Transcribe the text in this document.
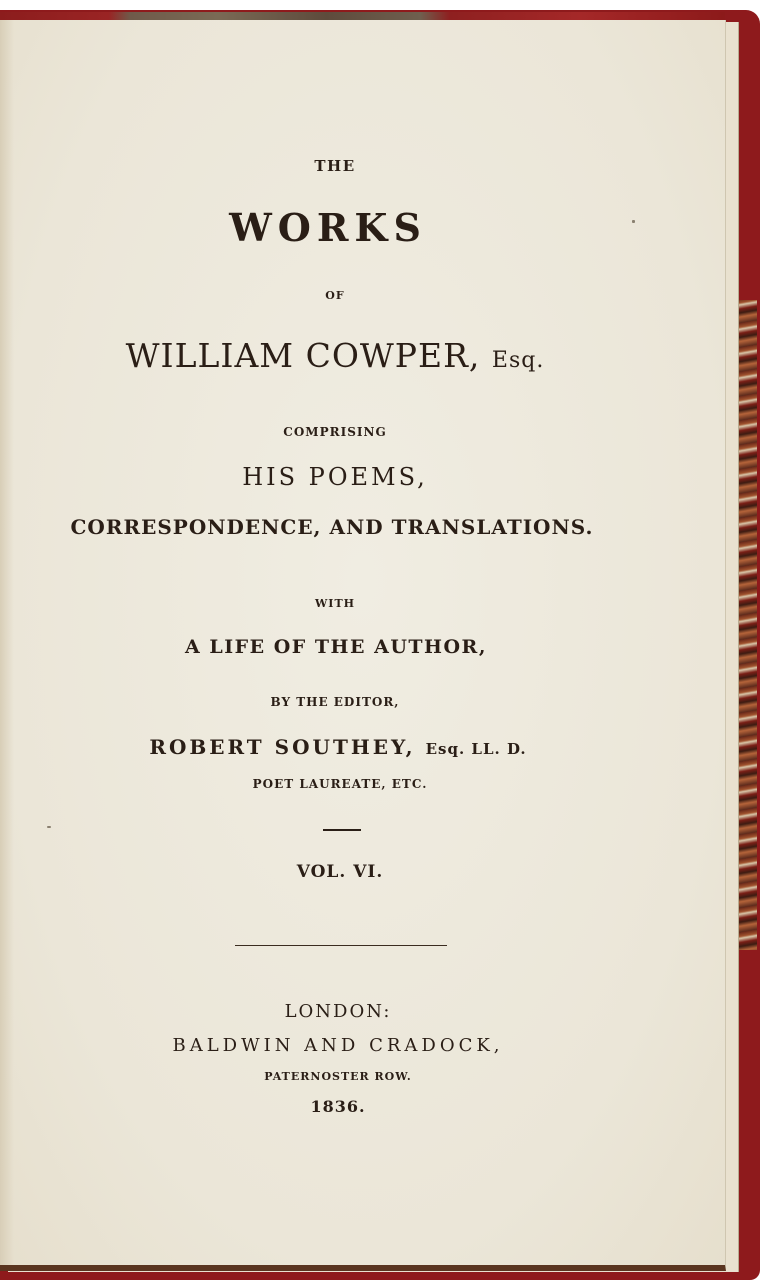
THE
WORKS
OF
WILLIAM COWPER, Esq.
COMPRISING
HIS POEMS,
CORRESPONDENCE, AND TRANSLATIONS.
WITH
A LIFE OF THE AUTHOR,
BY THE EDITOR,
ROBERT SOUTHEY, Esq. LL. D.
POET LAUREATE, ETC.
VOL. VI.
LONDON:
BALDWIN AND CRADOCK,
PATERNOSTER ROW.
1836.
